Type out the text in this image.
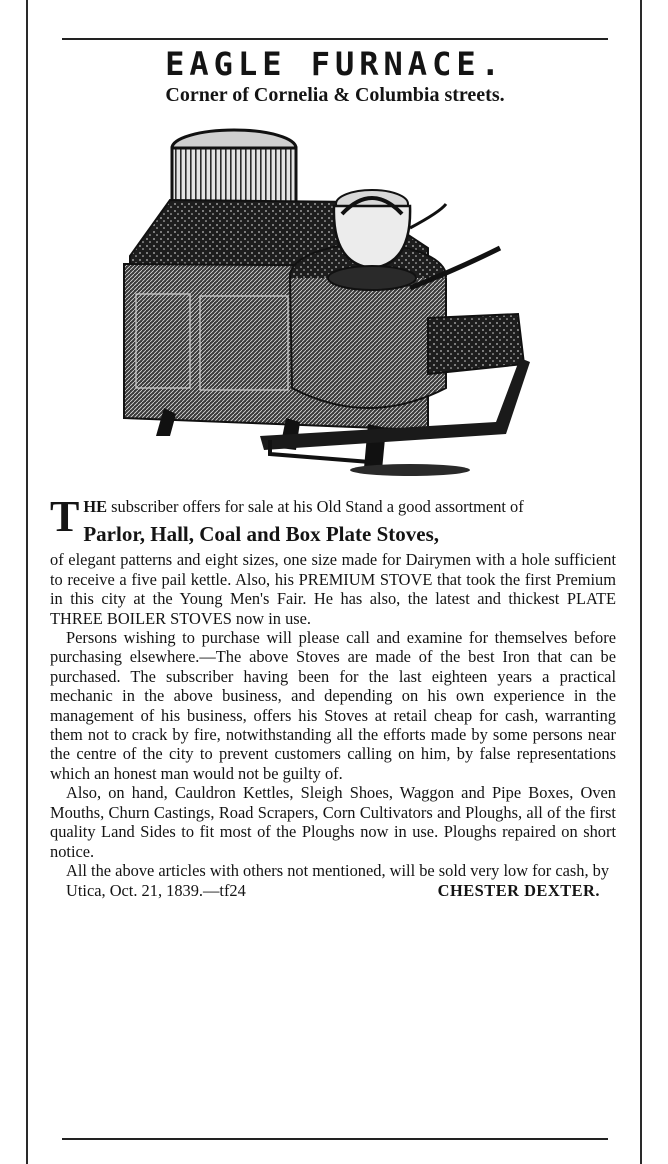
EAGLE FURNACE.
Corner of Cornelia & Columbia streets.

THE subscriber offers for sale at his Old Stand a good assortment of

Parlor, Hall, Coal and Box Plate Stoves,

of elegant patterns and eight sizes, one size made for Dairymen with a hole sufficient to receive a five pail kettle. Also, his PREMIUM STOVE that took the first Premium in this city at the Young Men's Fair. He has also, the latest and thickest PLATE THREE BOILER STOVES now in use.

Persons wishing to purchase will please call and examine for themselves before purchasing elsewhere.—The above Stoves are made of the best Iron that can be purchased. The subscriber having been for the last eighteen years a practical mechanic in the above business, and depending on his own experience in the management of his business, offers his Stoves at retail cheap for cash, warranting them not to crack by fire, notwithstanding all the efforts made by some persons near the centre of the city to prevent customers calling on him, by false representations which an honest man would not be guilty of.

Also, on hand, Cauldron Kettles, Sleigh Shoes, Waggon and Pipe Boxes, Oven Mouths, Churn Castings, Road Scrapers, Corn Cultivators and Ploughs, all of the first quality Land Sides to fit most of the Ploughs now in use. Ploughs repaired on short notice.

All the above articles with others not mentioned, will be sold very low for cash, by

Utica, Oct. 21, 1839.—tf24	CHESTER DEXTER.
